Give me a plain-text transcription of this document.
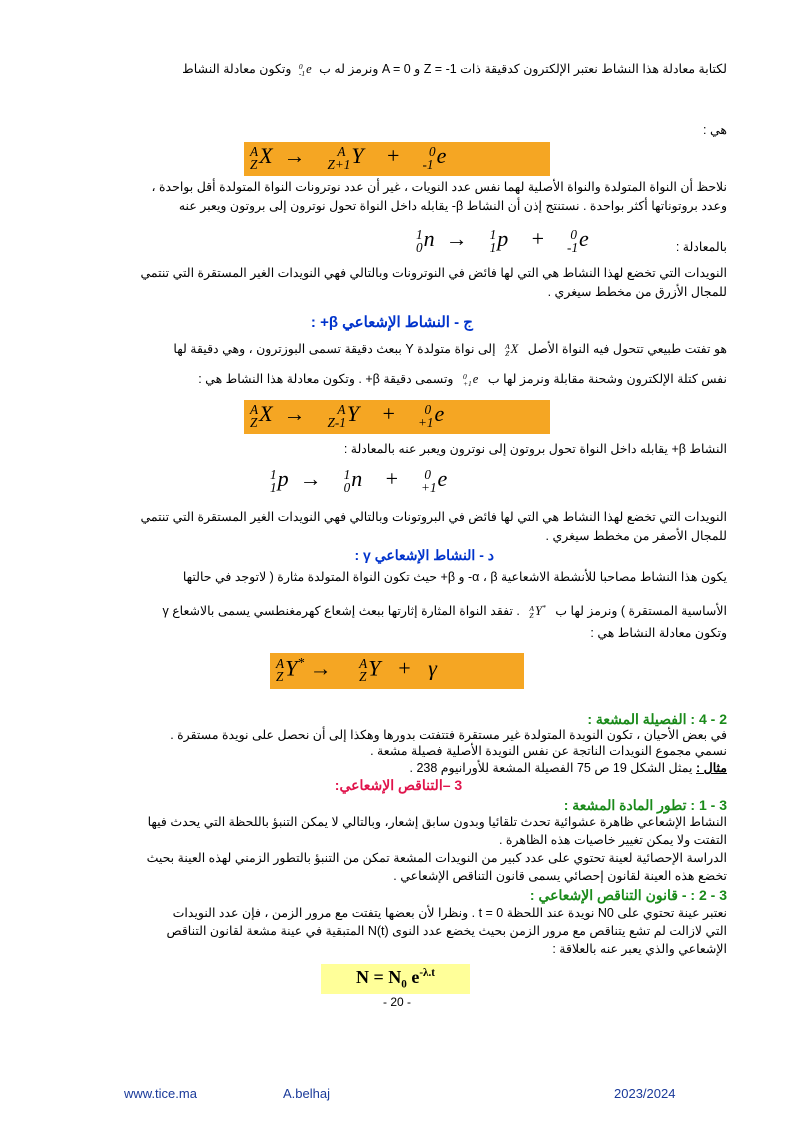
لكتابة معادلة هذا النشاط نعتبر الإلكترون كدقيقة ذات Z = -1 و A = 0 ونرمز له ب
0
-1 e وتكون معادلة النشاط
هي :
A
Z X  → A
Z+1 Y    + 0
-1 e
نلاحظ أن النواة المتولدة والنواة الأصلية لهما نفس عدد النويات ، غير أن عدد نوترونات النواة المتولدة أقل بواحدة ،
وعدد بروتوناتها أكثر بواحدة . نستنتج إذن أن النشاط β- يقابله داخل النواة تحول نوترون إلى بروتون ويعبر عنه
بالمعادلة :
1
0 n  → 1
1 p    + 0
-1 e
النويدات التي تخضع لهذا النشاط هي التي لها فائض في النوترونات وبالتالي فهي النويدات الغير المستقرة التي تنتمي
للمجال الأزرق من مخطط سيغري .
ج - النشاط الإشعاعي β+ :
هو تفتت طبيعي تتحول فيه النواة الأصل
A
Z X إلى نواة متولدة Y ببعث دقيقة تسمى البوزترون ، وهي دقيقة لها
نفس كتلة الإلكترون وشحنة مقابلة ونرمز لها ب
0
+1 e وتسمى دقيقة β+ . وتكون معادلة هذا النشاط هي :
A
Z X  → A
Z-1 Y    + 0
+1 e
النشاط β+ يقابله داخل النواة تحول بروتون إلى نوترون ويعبر عنه بالمعادلة :
1
1 p  → 1
0 n    + 0
+1 e
النويدات التي تخضع لهذا النشاط هي التي لها فائض في البروتونات وبالتالي فهي النويدات الغير المستقرة التي تنتمي
للمجال الأصفر من مخطط سيغري .
د - النشاط الإشعاعي γ :
يكون هذا النشاط مصاحبا للأنشطة الاشعاعية α ، β- و β+ حيث تكون النواة المتولدة مثارة ( لاتوجد في حالتها
الأساسية المستقرة ) ونرمز لها ب
A
Z Y* . تفقد النواة المثارة إثارتها ببعث إشعاع كهرمغنطسي يسمى بالاشعاع γ
وتكون معادلة النشاط هي :
A
Z Y* → A
Z Y   +   γ
2 - 4 : الفصيلة المشعة :
في بعض الأحيان ، تكون النويدة المتولدة غير مستقرة فتتفتت بدورها وهكذا إلى أن نحصل على نويدة مستقرة .
نسمي مجموع النويدات الناتجة عن نفس النويدة الأصلية فصيلة مشعة .
مثال : يمثل الشكل 19 ص 75 الفصيلة المشعة للأورانيوم 238 .
3 –التناقص الإشعاعي:
3 - 1 : تطور المادة المشعة :
النشاط الإشعاعي ظاهرة عشوائية تحدث تلقائيا وبدون سابق إشعار، وبالتالي لا يمكن التنبؤ باللحظة التي يحدث فيها
التفتت ولا يمكن تغيير خاصيات هذه الظاهرة .
الدراسة الإحصائية لعينة تحتوي على عدد كبير من النويدات المشعة تمكن من التنبؤ بالتطور الزمني لهذه العينة بحيث
تخضع هذه العينة لقانون إحصائي يسمى قانون التناقص الإشعاعي .
3 - 2 : - قانون التناقص الإشعاعي :
نعتبر عينة تحتوي على N0 نويدة عند اللحظة t = 0 . ونظرا لأن بعضها يتفتت مع مرور الزمن ، فإن عدد النويدات
التي لازالت لم تشع يتناقص مع مرور الزمن بحيث يخضع عدد النوى N(t) المتبقية في عينة مشعة لقانون التناقص
الإشعاعي والذي يعبر عنه بالعلاقة :
$N = N_0$ $e^{-\lambda.t}$
- 20 -
www.tice.ma	A.belhaj	2023/2024
